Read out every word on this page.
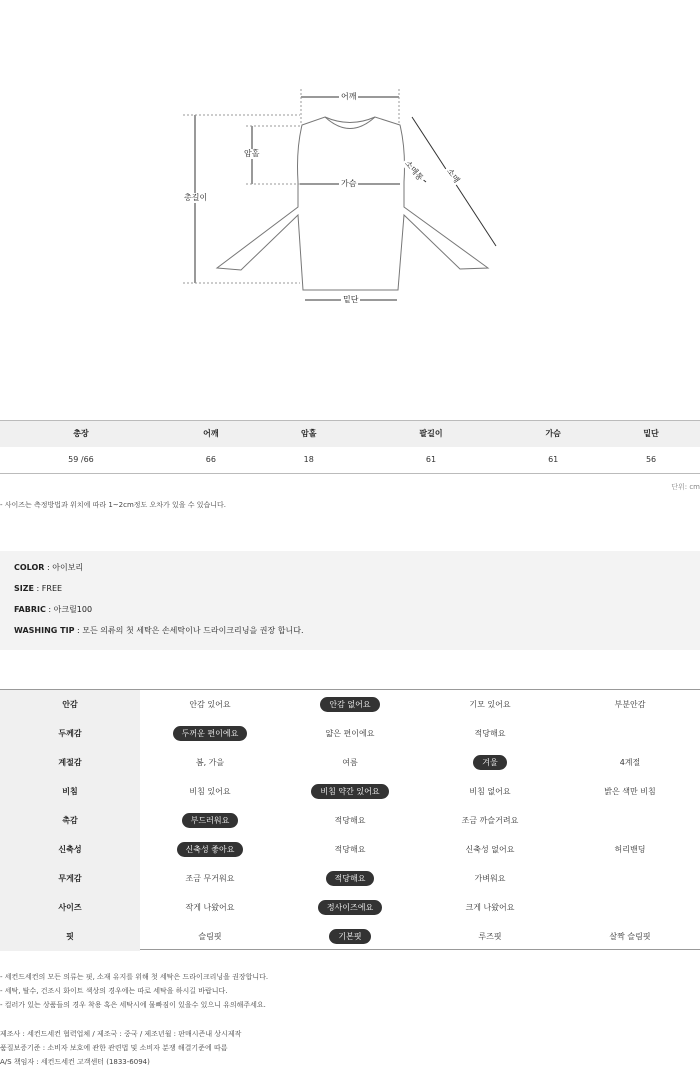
어깨
총길이
암홀
가슴
소매통	소매
밑단
총장	어깨	암홀	팔길이	가슴	밑단
59 /66	66	18	61	61	56
단위: cm
- 사이즈는 측정방법과 위치에 따라 1~2cm정도 오차가 있을 수 있습니다.
COLOR : 아이보리
SIZE : FREE
FABRIC : 아크릴100
WASHING TIP : 모든 의류의 첫 세탁은 손세탁이나 드라이크리닝을 권장 합니다.
안감	안감 있어요	안감 없어요	기모 있어요	부분안감
두께감	두꺼운 편이에요	얇은 편이에요	적당해요
계절감	봄, 가을	여름	겨울	4계절
비침	비침 있어요	비침 약간 있어요	비침 없어요	밝은 색만 비침
촉감	부드러워요	적당해요	조금 까슬거려요
신축성	신축성 좋아요	적당해요	신축성 없어요	허리밴딩
무게감	조금 무거워요	적당해요	가벼워요
사이즈	작게 나왔어요	정사이즈에요	크게 나왔어요
핏	슬림핏	기본핏	루즈핏	살짝 슬림핏
- 세컨드세컨의 모든 의류는 핏, 소재 유지를 위해 첫 세탁은 드라이크리닝을 권장합니다.
- 세탁, 탈수, 건조시 화이트 색상의 경우에는 따로 세탁을 하시길 바랍니다.
- 컬러가 있는 상품들의 경우 착용 혹은 세탁시에 물빠짐이 있을수 있으니 유의해주세요.
제조사 : 세컨드세컨 협력업체 / 제조국 : 중국 / 제조년월 : 판매시즌내 상시제작
품질보증기준 : 소비자 보호에 관한 관련법 및 소비자 분쟁 해결기준에 따름
A/S 책임자 : 세컨드세컨 고객센터 (1833-6094)
